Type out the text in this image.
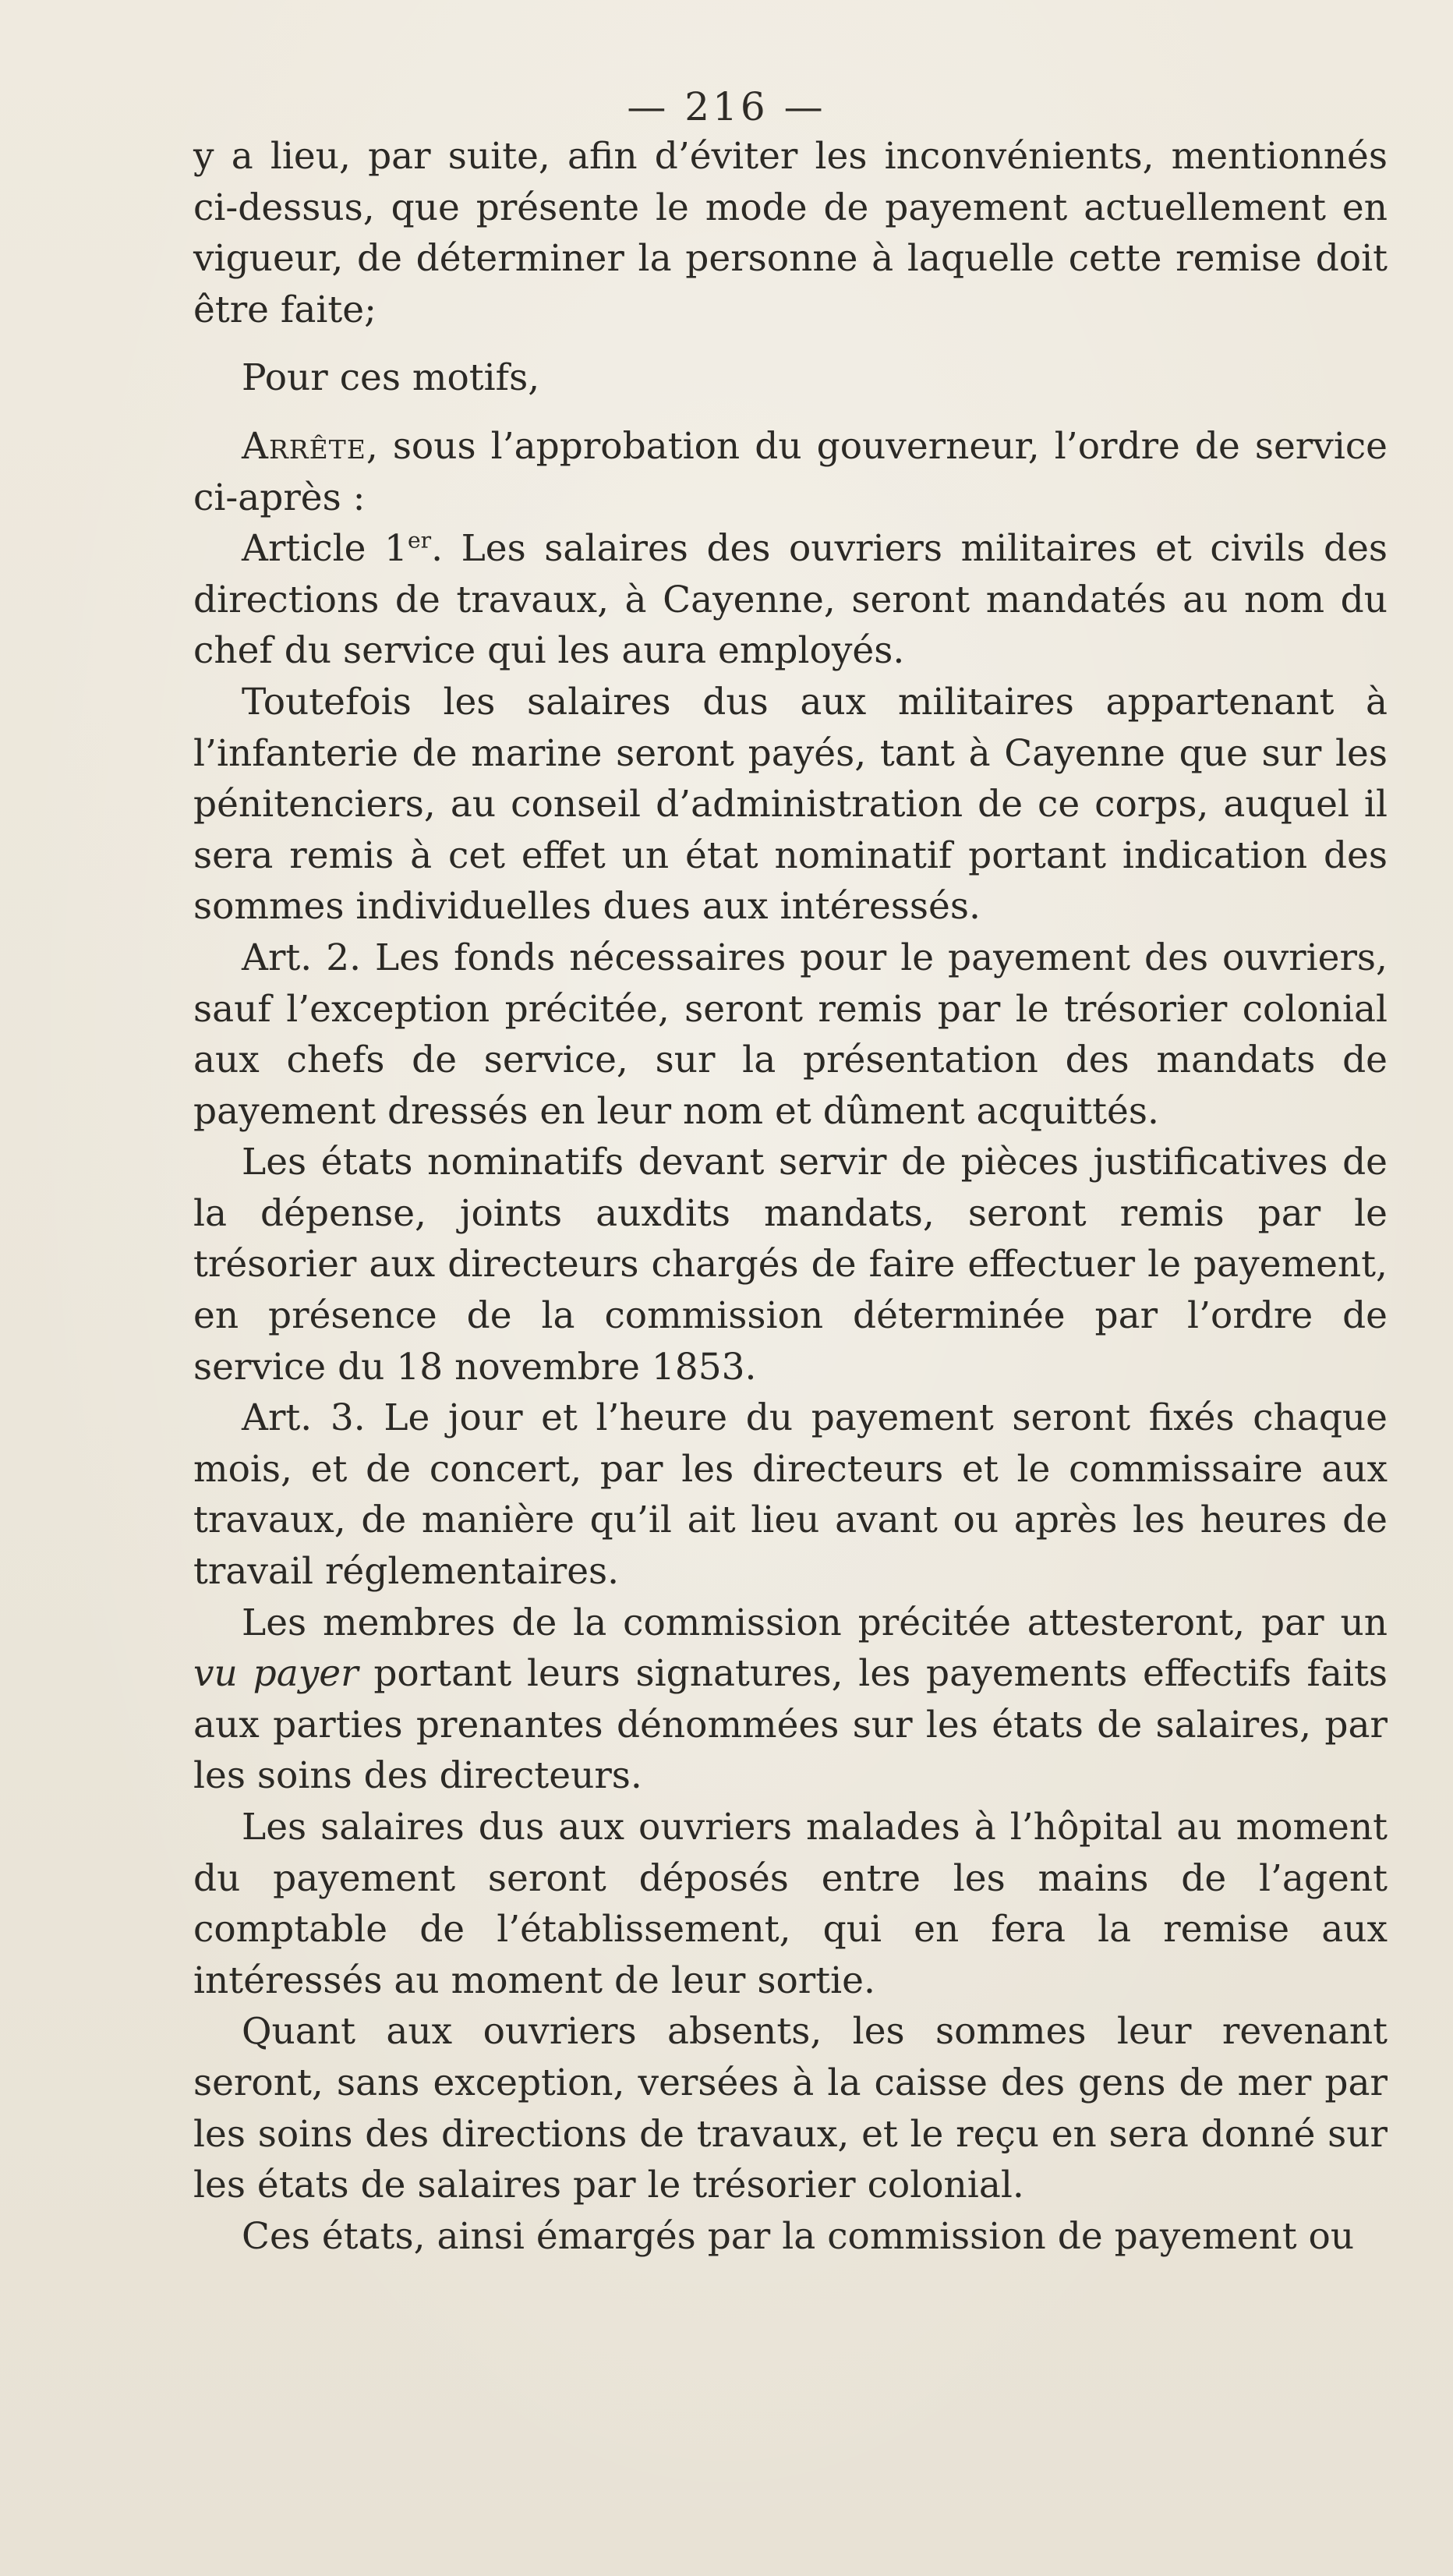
— 216 —

y a lieu, par suite, afin d’éviter les inconvénients, mentionnés ci-dessus, que présente le mode de payement actuellement en vigueur, de déterminer la personne à laquelle cette remise doit être faite;

Pour ces motifs,

Arrête, sous l’approbation du gouverneur, l’ordre de service ci-après :

Article 1er. Les salaires des ouvriers militaires et civils des directions de travaux, à Cayenne, seront mandatés au nom du chef du service qui les aura employés.

Toutefois les salaires dus aux militaires appartenant à l’infanterie de marine seront payés, tant à Cayenne que sur les pénitenciers, au conseil d’administration de ce corps, auquel il sera remis à cet effet un état nominatif portant indication des sommes individuelles dues aux intéressés.

Art. 2. Les fonds nécessaires pour le payement des ouvriers, sauf l’exception précitée, seront remis par le trésorier colonial aux chefs de service, sur la présentation des mandats de payement dressés en leur nom et dûment acquittés.

Les états nominatifs devant servir de pièces justificatives de la dépense, joints auxdits mandats, seront remis par le trésorier aux directeurs chargés de faire effectuer le payement, en présence de la commission déterminée par l’ordre de service du 18 novembre 1853.

Art. 3. Le jour et l’heure du payement seront fixés chaque mois, et de concert, par les directeurs et le commissaire aux travaux, de manière qu’il ait lieu avant ou après les heures de travail réglementaires.

Les membres de la commission précitée attesteront, par un vu payer portant leurs signatures, les payements effectifs faits aux parties prenantes dénommées sur les états de salaires, par les soins des directeurs.

Les salaires dus aux ouvriers malades à l’hôpital au moment du payement seront déposés entre les mains de l’agent comptable de l’établissement, qui en fera la remise aux intéressés au moment de leur sortie.

Quant aux ouvriers absents, les sommes leur revenant seront, sans exception, versées à la caisse des gens de mer par les soins des directions de travaux, et le reçu en sera donné sur les états de salaires par le trésorier colonial.

Ces états, ainsi émargés par la commission de payement ou
